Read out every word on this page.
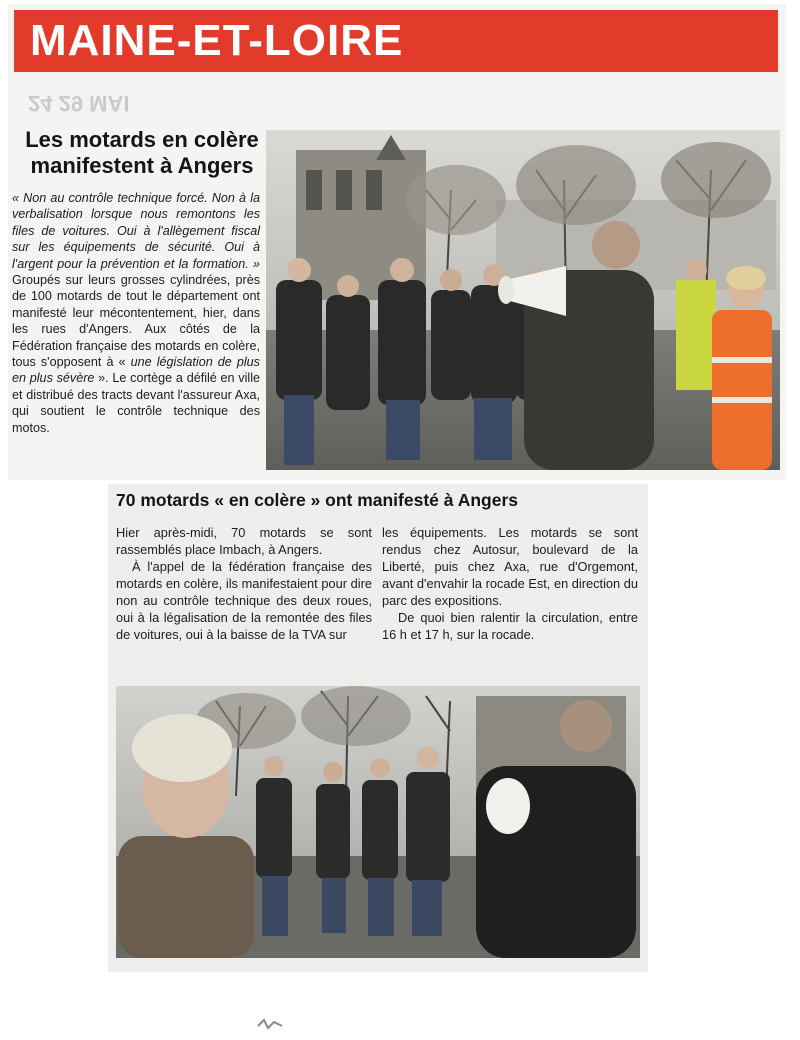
MAINE-ET-LOIRE
24 29 MAI
Les motards en colère manifestent à Angers
« Non au contrôle technique forcé. Non à la verbalisation lorsque nous remontons les files de voitures. Oui à l'allègement fiscal sur les équipements de sécurité. Oui à l'argent pour la prévention et la formation. » Groupés sur leurs grosses cylindrées, près de 100 motards de tout le département ont manifesté leur mécontentement, hier, dans les rues d'Angers. Aux côtés de la Fédération française des motards en colère, tous s'opposent à « une législation de plus en plus sévère ». Le cortège a défilé en ville et distribué des tracts devant l'assureur Axa, qui soutient le contrôle technique des motos.
70 motards « en colère » ont manifesté à Angers

Hier après-midi, 70 motards se sont rassemblés place Imbach, à Angers.

À l'appel de la fédération française des motards en colère, ils manifestaient pour dire non au contrôle technique des deux roues, oui à la légalisation de la remontée des files de voitures, oui à la baisse de la TVA sur

les équipements. Les motards se sont rendus chez Autosur, boulevard de la Liberté, puis chez Axa, rue d'Orgemont, avant d'envahir la rocade Est, en direction du parc des expositions.

De quoi bien ralentir la circulation, entre 16 h et 17 h, sur la rocade.
